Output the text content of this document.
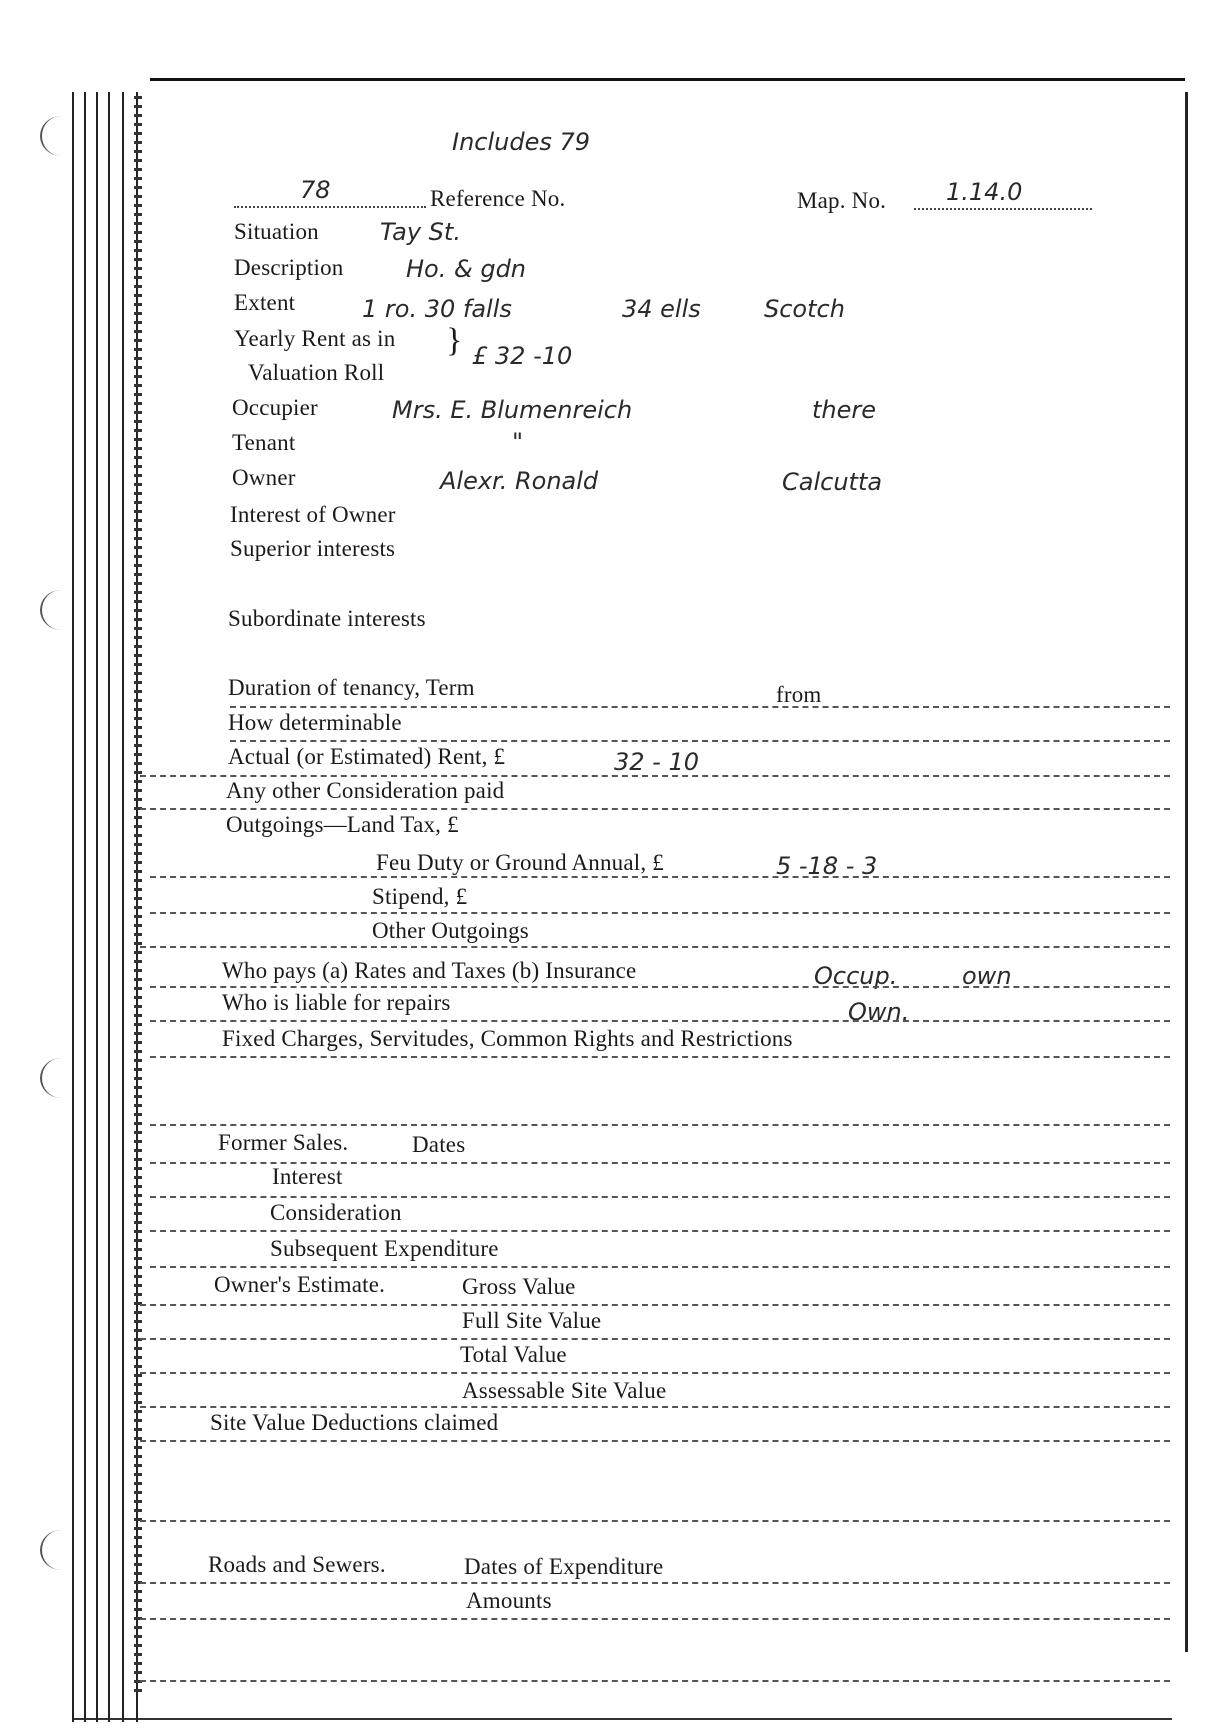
Includes 79
78	Reference No.	Map. No. 1.14.0
Situation	Tay St.
Description	Ho. & gdn
Extent	1 ro. 30 falls	34 ells	Scotch
Yearly Rent as in
Valuation Roll
} £ 32 -10
Occupier	Mrs. E. Blumenreich	there
Tenant	"
Owner	Alexr. Ronald	Calcutta
Interest of Owner
Superior interests
Subordinate interests
Duration of tenancy, Term	from
How determinable
Actual (or Estimated) Rent, £	32 - 10
Any other Consideration paid
Outgoings—Land Tax, £
Feu Duty or Ground Annual, £	5 -18 - 3
Stipend, £
Other Outgoings
Who pays (a) Rates and Taxes (b) Insurance	Occup.	own
Who is liable for repairs	Own.
Fixed Charges, Servitudes, Common Rights and Restrictions
Former Sales.	Dates
Interest
Consideration
Subsequent Expenditure
Owner's Estimate.	Gross Value
Full Site Value
Total Value
Assessable Site Value
Site Value Deductions claimed
Roads and Sewers.	Dates of Expenditure
Amounts
